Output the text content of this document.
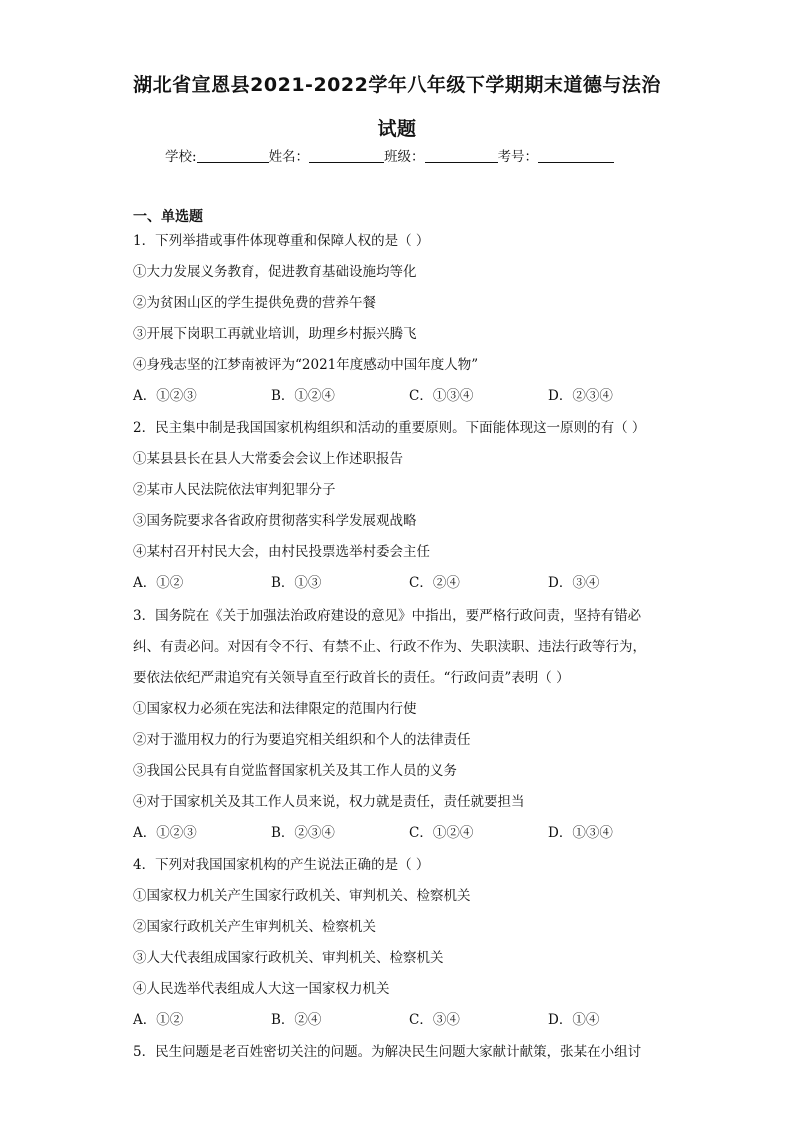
湖北省宣恩县2021-2022学年八年级下学期期末道德与法治
试题
学校:	姓名：	班级：	考号：
一、单选题
1．下列举措或事件体现尊重和保障人权的是（ ）
①大力发展义务教育，促进教育基础设施均等化
②为贫困山区的学生提供免费的营养午餐
③开展下岗职工再就业培训，助理乡村振兴腾飞
④身残志坚的江梦南被评为“2021年度感动中国年度人物”
A．①②③	B．①②④	C．①③④	D．②③④
2．民主集中制是我国国家机构组织和活动的重要原则。下面能体现这一原则的有（ ）
①某县县长在县人大常委会会议上作述职报告
②某市人民法院依法审判犯罪分子
③国务院要求各省政府贯彻落实科学发展观战略
④某村召开村民大会，由村民投票选举村委会主任
A．①②	B．①③	C．②④	D．③④
3．国务院在《关于加强法治政府建设的意见》中指出，要严格行政问责，坚持有错必
纠、有责必问。对因有令不行、有禁不止、行政不作为、失职渎职、违法行政等行为，
要依法依纪严肃追究有关领导直至行政首长的责任。“行政问责”表明（ ）
①国家权力必须在宪法和法律限定的范围内行使
②对于滥用权力的行为要追究相关组织和个人的法律责任
③我国公民具有自觉监督国家机关及其工作人员的义务
④对于国家机关及其工作人员来说，权力就是责任，责任就要担当
A．①②③	B．②③④	C．①②④	D．①③④
4．下列对我国国家机构的产生说法正确的是（ ）
①国家权力机关产生国家行政机关、审判机关、检察机关
②国家行政机关产生审判机关、检察机关
③人大代表组成国家行政机关、审判机关、检察机关
④人民选举代表组成人大这一国家权力机关
A．①②	B．②④	C．③④	D．①④
5．民生问题是老百姓密切关注的问题。为解决民生问题大家献计献策，张某在小组讨
